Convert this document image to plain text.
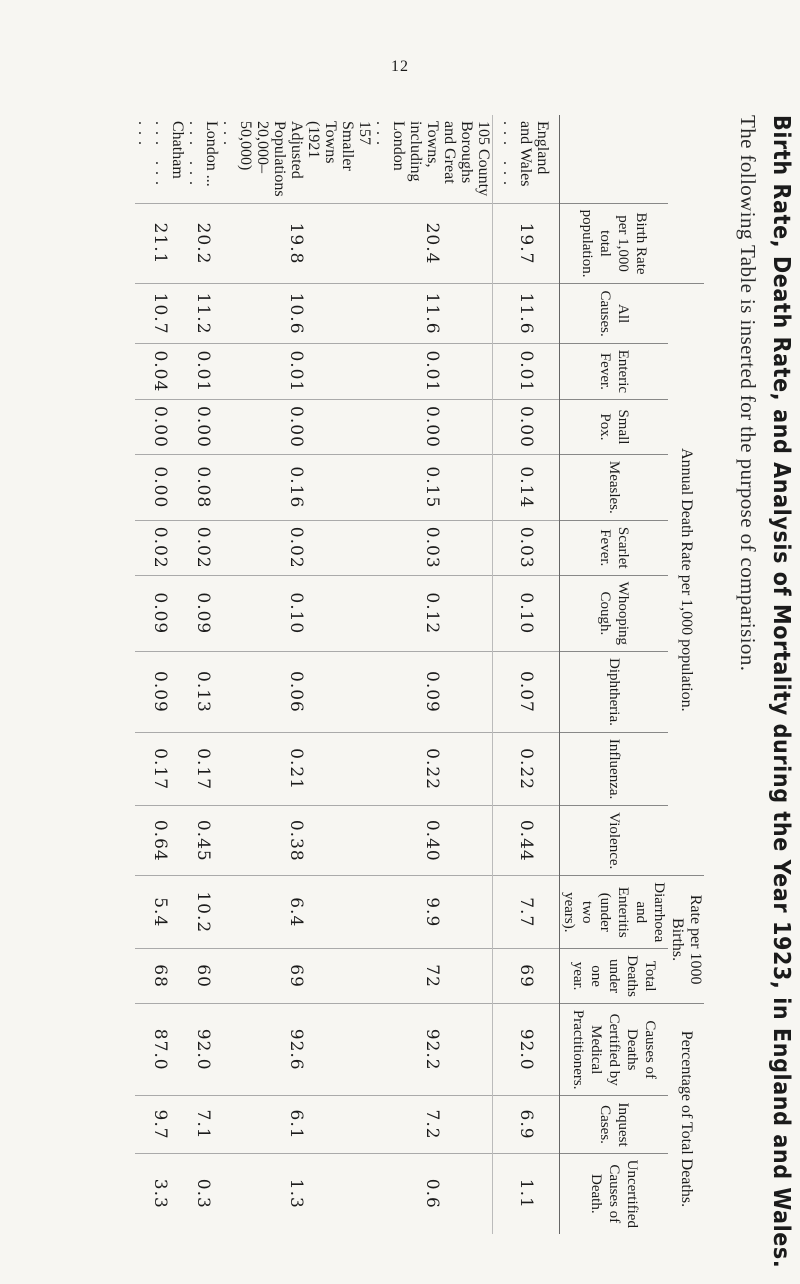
12
Birth Rate, Death Rate, and Analysis of Mortality during the Year 1923, in England and Wales.
The following Table is inserted for the purpose of comparision.
		Annual Death Rate per 1,000 population.									Rate per 1000 Births.		Percentage of Total Deaths.		
	Birth Rate per 1,000 total population.	All Causes.	Enteric Fever.	Small Pox.	Measles.	Scarlet Fever.	Whooping Cough.	Diphtheria.	Influenza.	Violence.	Diarrhoea and Enteritis (under two years).	Total Deaths under one year.	Causes of Deaths Certified by Medical Practitioners.	Inquest Cases.	Uncertified Causes of Death.
England and Wales ... ...	19.7	11.6	0.01	0.00	0.14	0.03	0.10	0.07	0.22	0.44	7.7	69	92.0	6.9	1.1
105 County Boroughs and Great Towns, including London ...	20.4	11.6	0.01	0.00	0.15	0.03	0.12	0.09	0.22	0.40	9.9	72	92.2	7.2	0.6
157 Smaller Towns (1921 Adjusted Populations 20,000–50,000) ...	19.8	10.6	0.01	0.00	0.16	0.02	0.10	0.06	0.21	0.38	6.4	69	92.6	6.1	1.3
London ... ... ...	20.2	11.2	0.01	0.00	0.08	0.02	0.09	0.13	0.17	0.45	10.2	60	92.0	7.1	0.3
Chatham ... ... ...	21.1	10.7	0.04	0.00	0.00	0.02	0.09	0.09	0.17	0.64	5.4	68	87.0	9.7	3.3
